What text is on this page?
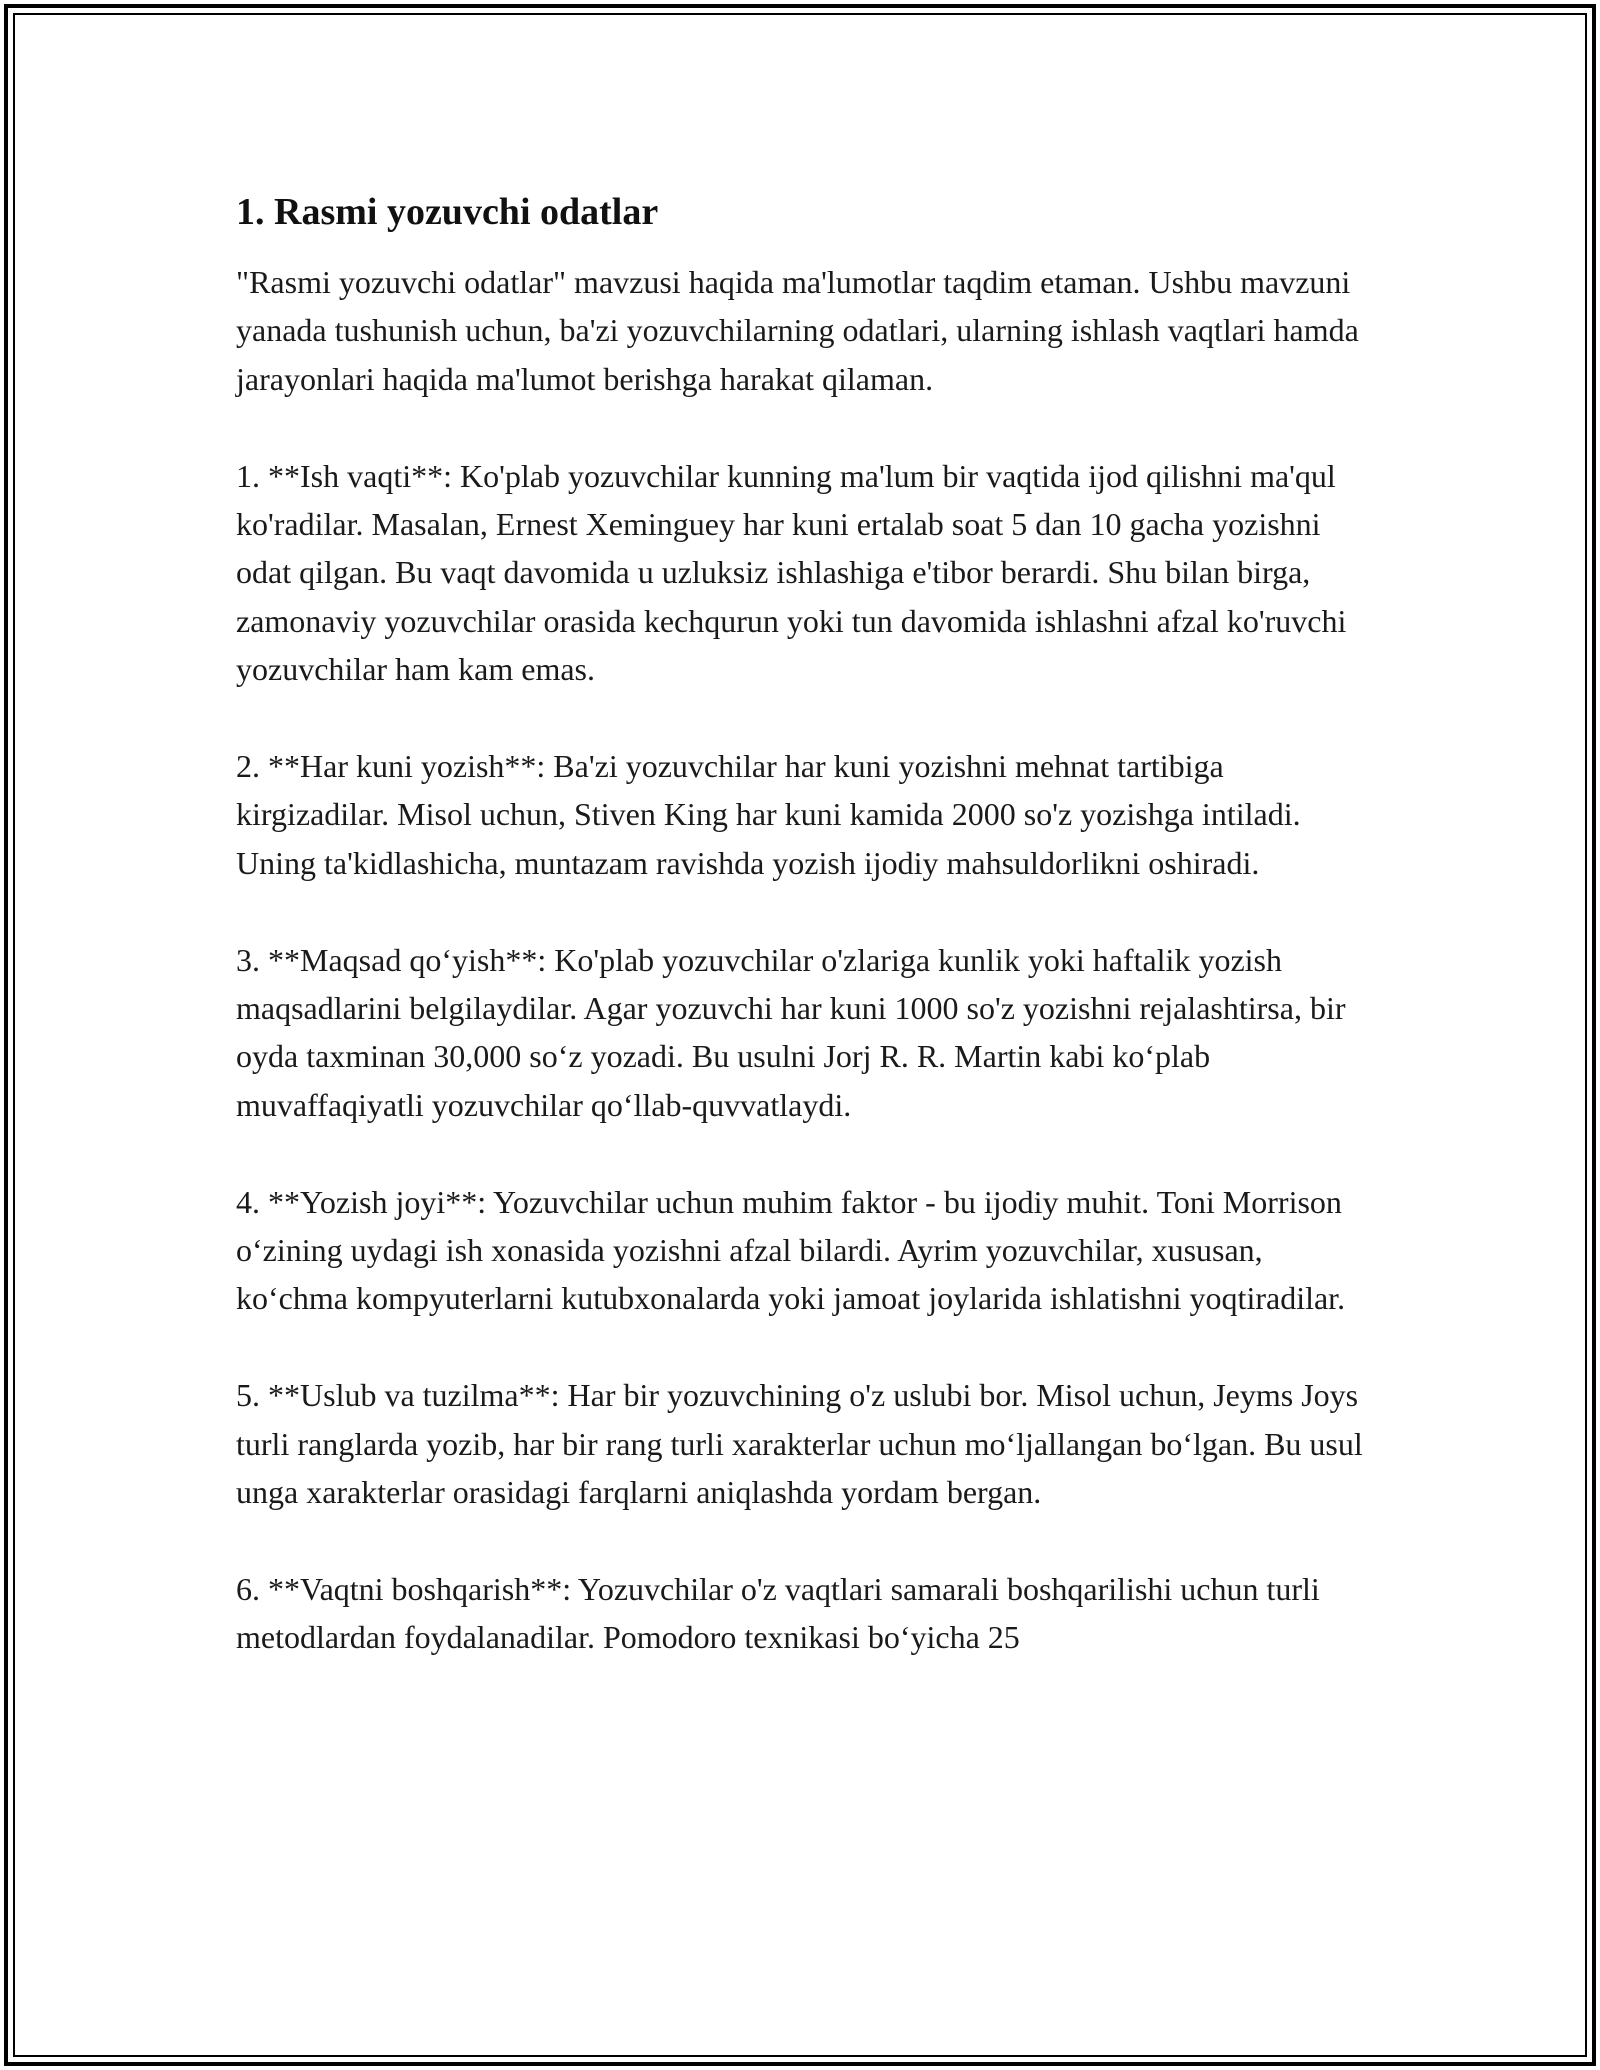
1. Rasmi yozuvchi odatlar

"Rasmi yozuvchi odatlar" mavzusi haqida ma'lumotlar taqdim etaman. Ushbu mavzuni yanada tushunish uchun, ba'zi yozuvchilarning odatlari, ularning ishlash vaqtlari hamda jarayonlari haqida ma'lumot berishga harakat qilaman.

1. **Ish vaqti**: Ko'plab yozuvchilar kunning ma'lum bir vaqtida ijod qilishni ma'qul ko'radilar. Masalan, Ernest Xeminguey har kuni ertalab soat 5 dan 10 gacha yozishni odat qilgan. Bu vaqt davomida u uzluksiz ishlashiga e'tibor berardi. Shu bilan birga, zamonaviy yozuvchilar orasida kechqurun yoki tun davomida ishlashni afzal ko'ruvchi yozuvchilar ham kam emas.

2. **Har kuni yozish**: Ba'zi yozuvchilar har kuni yozishni mehnat tartibiga kirgizadilar. Misol uchun, Stiven King har kuni kamida 2000 so'z yozishga intiladi. Uning ta'kidlashicha, muntazam ravishda yozish ijodiy mahsuldorlikni oshiradi.

3. **Maqsad qo‘yish**: Ko'plab yozuvchilar o'zlariga kunlik yoki haftalik yozish maqsadlarini belgilaydilar. Agar yozuvchi har kuni 1000 so'z yozishni rejalashtirsa, bir oyda taxminan 30,000 so‘z yozadi. Bu usulni Jorj R. R. Martin kabi ko‘plab muvaffaqiyatli yozuvchilar qo‘llab-quvvatlaydi.

4. **Yozish joyi**: Yozuvchilar uchun muhim faktor - bu ijodiy muhit. Toni Morrison o‘zining uydagi ish xonasida yozishni afzal bilardi. Ayrim yozuvchilar, xususan, ko‘chma kompyuterlarni kutubxonalarda yoki jamoat joylarida ishlatishni yoqtiradilar.

5. **Uslub va tuzilma**: Har bir yozuvchining o'z uslubi bor. Misol uchun, Jeyms Joys turli ranglarda yozib, har bir rang turli xarakterlar uchun mo‘ljallangan bo‘lgan. Bu usul unga xarakterlar orasidagi farqlarni aniqlashda yordam bergan.

6. **Vaqtni boshqarish**: Yozuvchilar o'z vaqtlari samarali boshqarilishi uchun turli metodlardan foydalanadilar. Pomodoro texnikasi bo‘yicha 25
